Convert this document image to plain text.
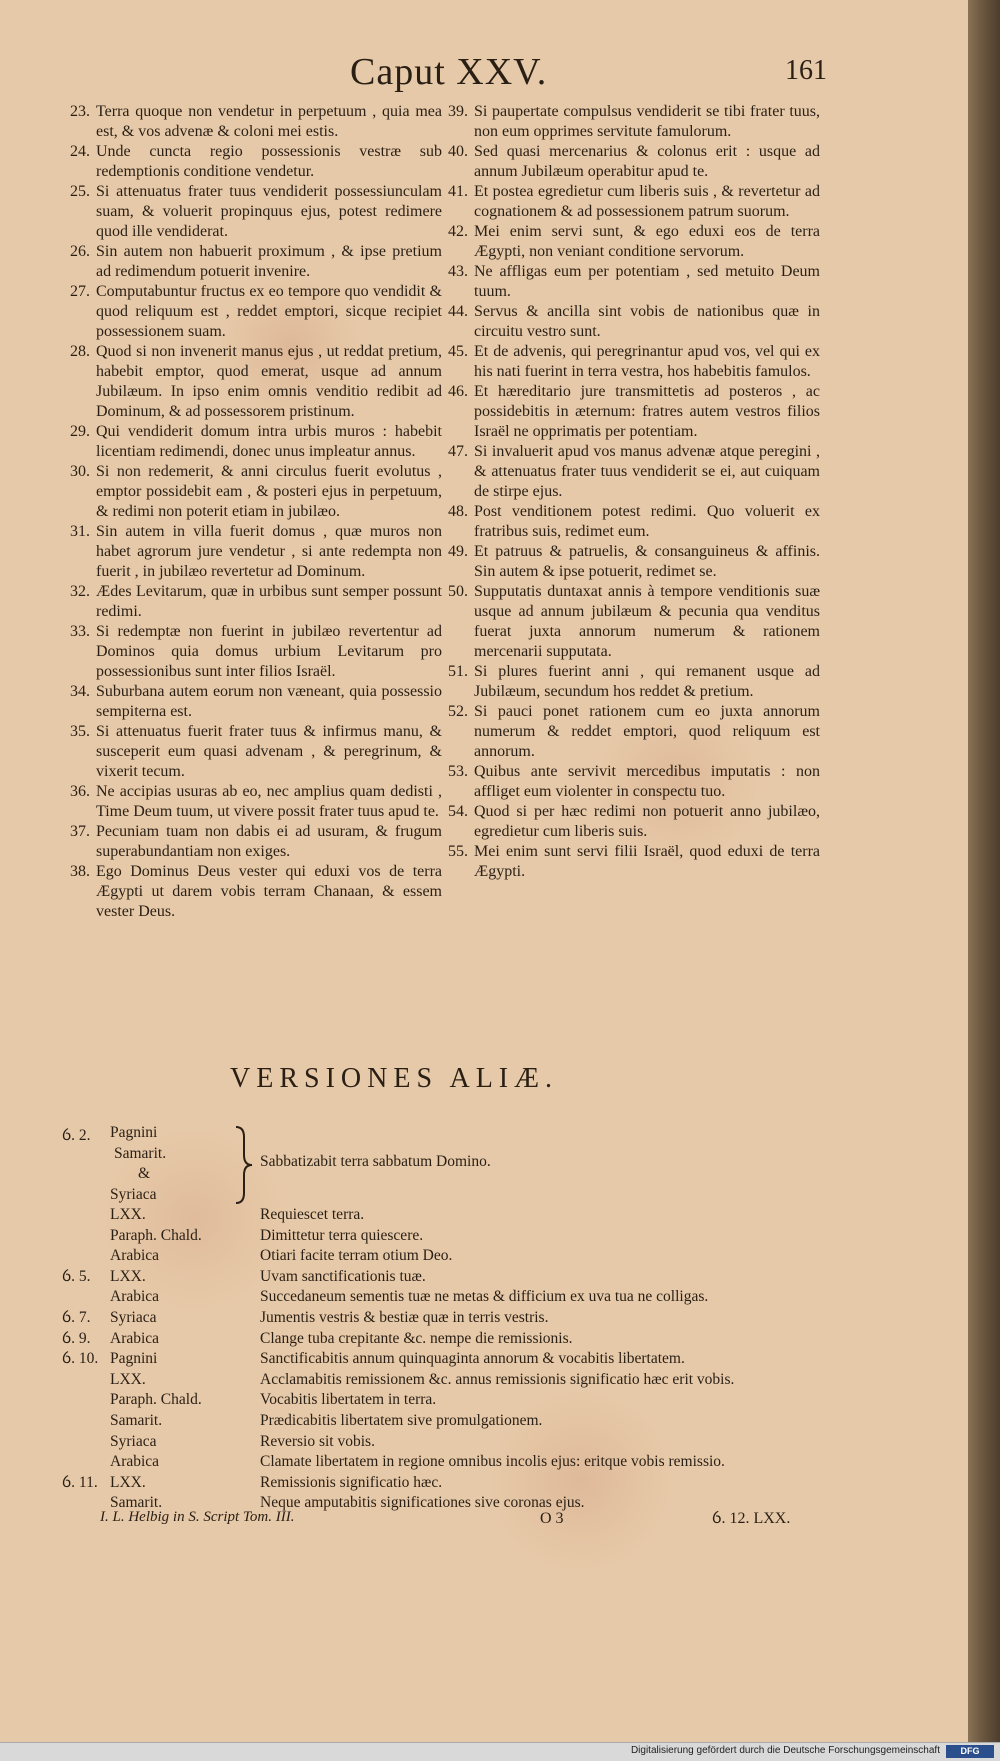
Caput XXV.	161
23. Terra quoque non vendetur in perpetuum , quia mea est, & vos advenæ & coloni mei estis.
24. Unde cuncta regio possessionis vestræ sub redemptionis conditione vendetur.
25. Si attenuatus frater tuus vendiderit possessiunculam suam, & voluerit propinquus ejus, potest redimere quod ille vendiderat.
26. Sin autem non habuerit proximum , & ipse pretium ad redimendum potuerit invenire.
27. Computabuntur fructus ex eo tempore quo vendidit & quod reliquum est , reddet emptori, sicque recipiet possessionem suam.
28. Quod si non invenerit manus ejus , ut reddat pretium, habebit emptor, quod emerat, usque ad annum Jubilæum. In ipso enim omnis venditio redibit ad Dominum, & ad possessorem pristinum.
29. Qui vendiderit domum intra urbis muros : habebit licentiam redimendi, donec unus impleatur annus.
30. Si non redemerit, & anni circulus fuerit evolutus , emptor possidebit eam , & posteri ejus in perpetuum, & redimi non poterit etiam in jubilæo.
31. Sin autem in villa fuerit domus , quæ muros non habet agrorum jure vendetur , si ante redempta non fuerit , in jubilæo revertetur ad Dominum.
32. Ædes Levitarum, quæ in urbibus sunt semper possunt redimi.
33. Si redemptæ non fuerint in jubilæo revertentur ad Dominos quia domus urbium Levitarum pro possessionibus sunt inter filios Israël.
34. Suburbana autem eorum non væneant, quia possessio sempiterna est.
35. Si attenuatus fuerit frater tuus & infirmus manu, & susceperit eum quasi advenam , & peregrinum, & vixerit tecum.
36. Ne accipias usuras ab eo, nec amplius quam dedisti , Time Deum tuum, ut vivere possit frater tuus apud te.
37. Pecuniam tuam non dabis ei ad usuram, & frugum superabundantiam non exiges.
38. Ego Dominus Deus vester qui eduxi vos de terra Ægypti ut darem vobis terram Chanaan, & essem vester Deus.
39. Si paupertate compulsus vendiderit se tibi frater tuus, non eum opprimes servitute famulorum.
40. Sed quasi mercenarius & colonus erit : usque ad annum Jubilæum operabitur apud te.
41. Et postea egredietur cum liberis suis , & revertetur ad cognationem & ad possessionem patrum suorum.
42. Mei enim servi sunt, & ego eduxi eos de terra Ægypti, non veniant conditione servorum.
43. Ne affligas eum per potentiam , sed metuito Deum tuum.
44. Servus & ancilla sint vobis de nationibus quæ in circuitu vestro sunt.
45. Et de advenis, qui peregrinantur apud vos, vel qui ex his nati fuerint in terra vestra, hos habebitis famulos.
46. Et hæreditario jure transmittetis ad posteros , ac possidebitis in æternum: fratres autem vestros filios Israël ne opprimatis per potentiam.
47. Si invaluerit apud vos manus advenæ atque peregini , & attenuatus frater tuus vendiderit se ei, aut cuiquam de stirpe ejus.
48. Post venditionem potest redimi. Quo voluerit ex fratribus suis, redimet eum.
49. Et patruus & patruelis, & consanguineus & affinis. Sin autem & ipse potuerit, redimet se.
50. Supputatis duntaxat annis à tempore venditionis suæ usque ad annum jubilæum & pecunia qua venditus fuerat juxta annorum numerum & rationem mercenarii supputata.
51. Si plures fuerint anni , qui remanent usque ad Jubilæum, secundum hos reddet & pretium.
52. Si pauci ponet rationem cum eo juxta annorum numerum & reddet emptori, quod reliquum est annorum.
53. Quibus ante servivit mercedibus imputatis : non affliget eum violenter in conspectu tuo.
54. Quod si per hæc redimi non potuerit anno jubilæo, egredietur cum liberis suis.
55. Mei enim sunt servi filii Israël, quod eduxi de terra Ægypti.
VERSIONES ALIÆ.
ỽ. 2. Pagnini
Samarit.
&
Syriaca
Sabbatizabit terra sabbatum Domino.
LXX.	Requiescet terra.
Paraph. Chald.	Dimittetur terra quiescere.
Arabica	Otiari facite terram otium Deo.
ỽ. 5.	LXX.	Uvam sanctificationis tuæ.
Arabica	Succedaneum sementis tuæ ne metas & difficium ex uva tua ne colligas.
ỽ. 7.	Syriaca	Jumentis vestris & bestiæ quæ in terris vestris.
ỽ. 9.	Arabica	Clange tuba crepitante &c. nempe die remissionis.
ỽ. 10. Pagnini	Sanctificabitis annum quinquaginta annorum & vocabitis libertatem.
LXX.	Acclamabitis remissionem &c. annus remissionis significatio hæc erit vobis.
Paraph. Chald.	Vocabitis libertatem in terra.
Samarit.	Prædicabitis libertatem sive promulgationem.
Syriaca	Reversio sit vobis.
Arabica	Clamate libertatem in regione omnibus incolis ejus: eritque vobis remissio.
ỽ. 11. LXX.	Remissionis significatio hæc.
Samarit.	Neque amputabitis significationes sive coronas ejus.
I. L. Helbig in S. Script Tom. III.	O 3	ỽ. 12. LXX.
Digitalisierung gefördert durch die Deutsche Forschungsgemeinschaft	DFG
